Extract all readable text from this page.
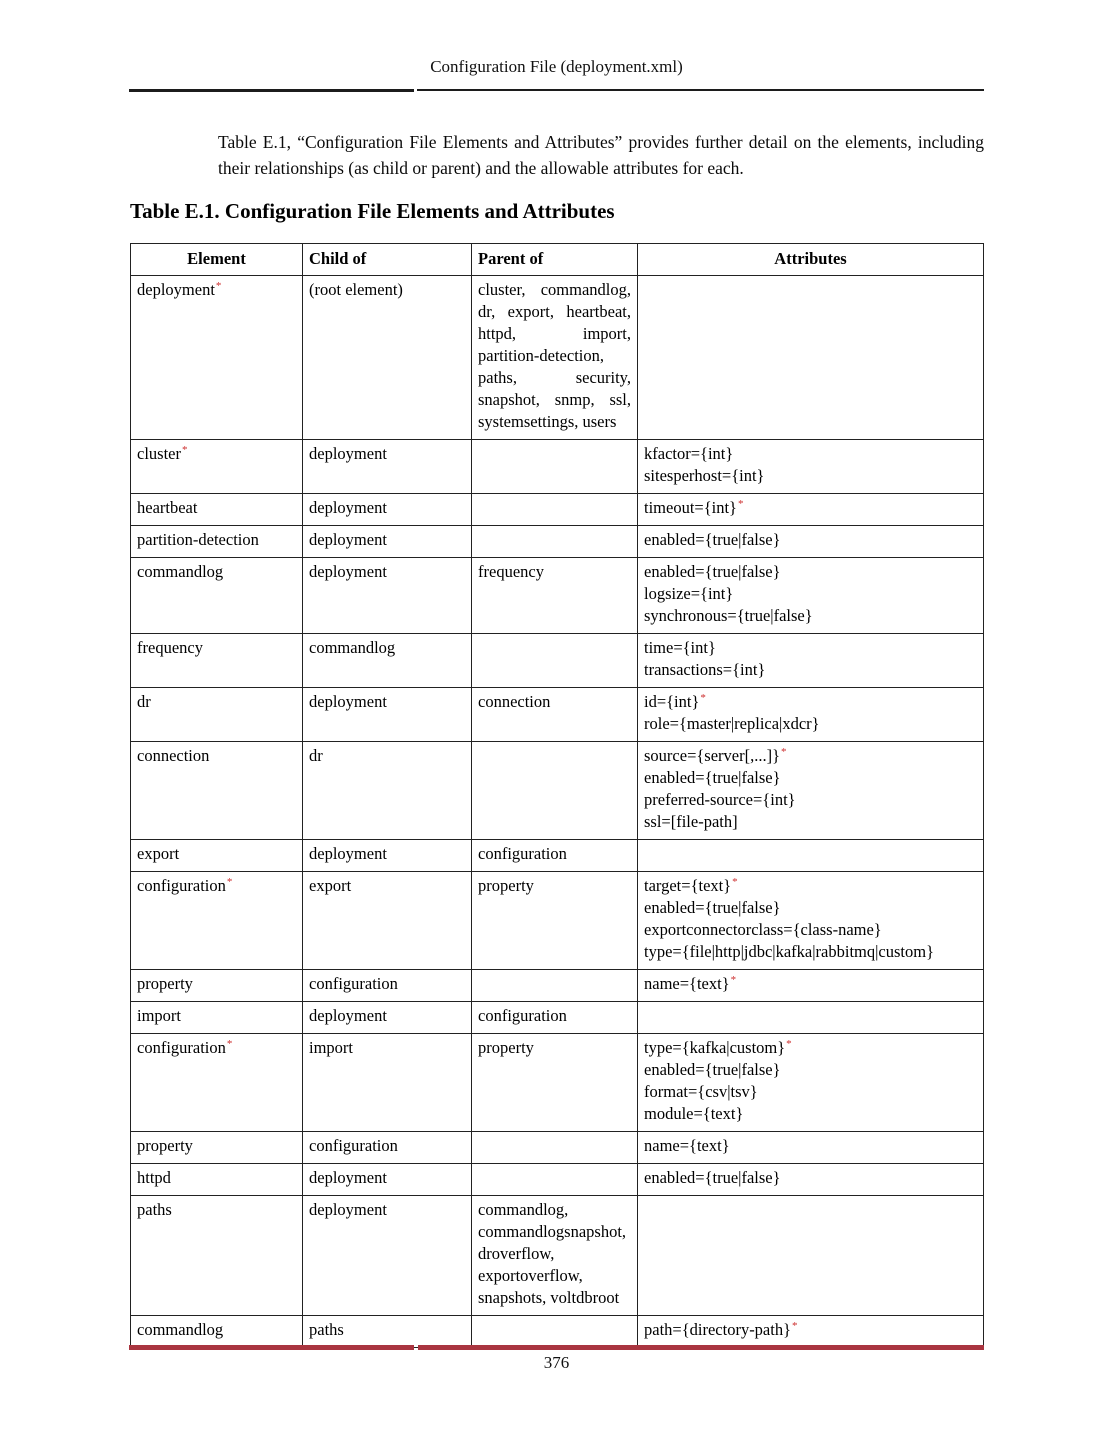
Configuration File (deployment.xml)

Table E.1, “Configuration File Elements and Attributes” provides further detail on the elements, including their relationships (as child or parent) and the allowable attributes for each.

Table E.1. Configuration File Elements and Attributes
Element	Child of	Parent of	Attributes
deployment*	(root element)	cluster, commandlog, dr, export, heartbeat, httpd, import, partition-detection, paths, security, snapshot, snmp, ssl, systemsettings, users	
cluster*	deployment		kfactor={int}
sitesperhost={int}

heartbeat	deployment		timeout={int}*

partition-detection	deployment		enabled={true|false}

commandlog	deployment	frequency	enabled={true|false}
logsize={int}
synchronous={true|false}

frequency	commandlog		time={int}
transactions={int}

dr	deployment	connection	id={int}*
role={master|replica|xdcr}

connection	dr		source={server[,...]}*
enabled={true|false}
preferred-source={int}
ssl=[file-path]

export	deployment	configuration	
configuration*	export	property	target={text}*
enabled={true|false}
exportconnectorclass={class-name}
type={file|http|jdbc|kafka|rabbitmq|custom}

property	configuration		name={text}*

import	deployment	configuration	
configuration*	import	property	type={kafka|custom}*
enabled={true|false}
format={csv|tsv}
module={text}

property	configuration		name={text}

httpd	deployment		enabled={true|false}

paths	deployment	commandlog, commandlogsnapshot, droverflow, exportoverflow, snapshots, voltdbroot	
commandlog	paths		path={directory-path}*
376
